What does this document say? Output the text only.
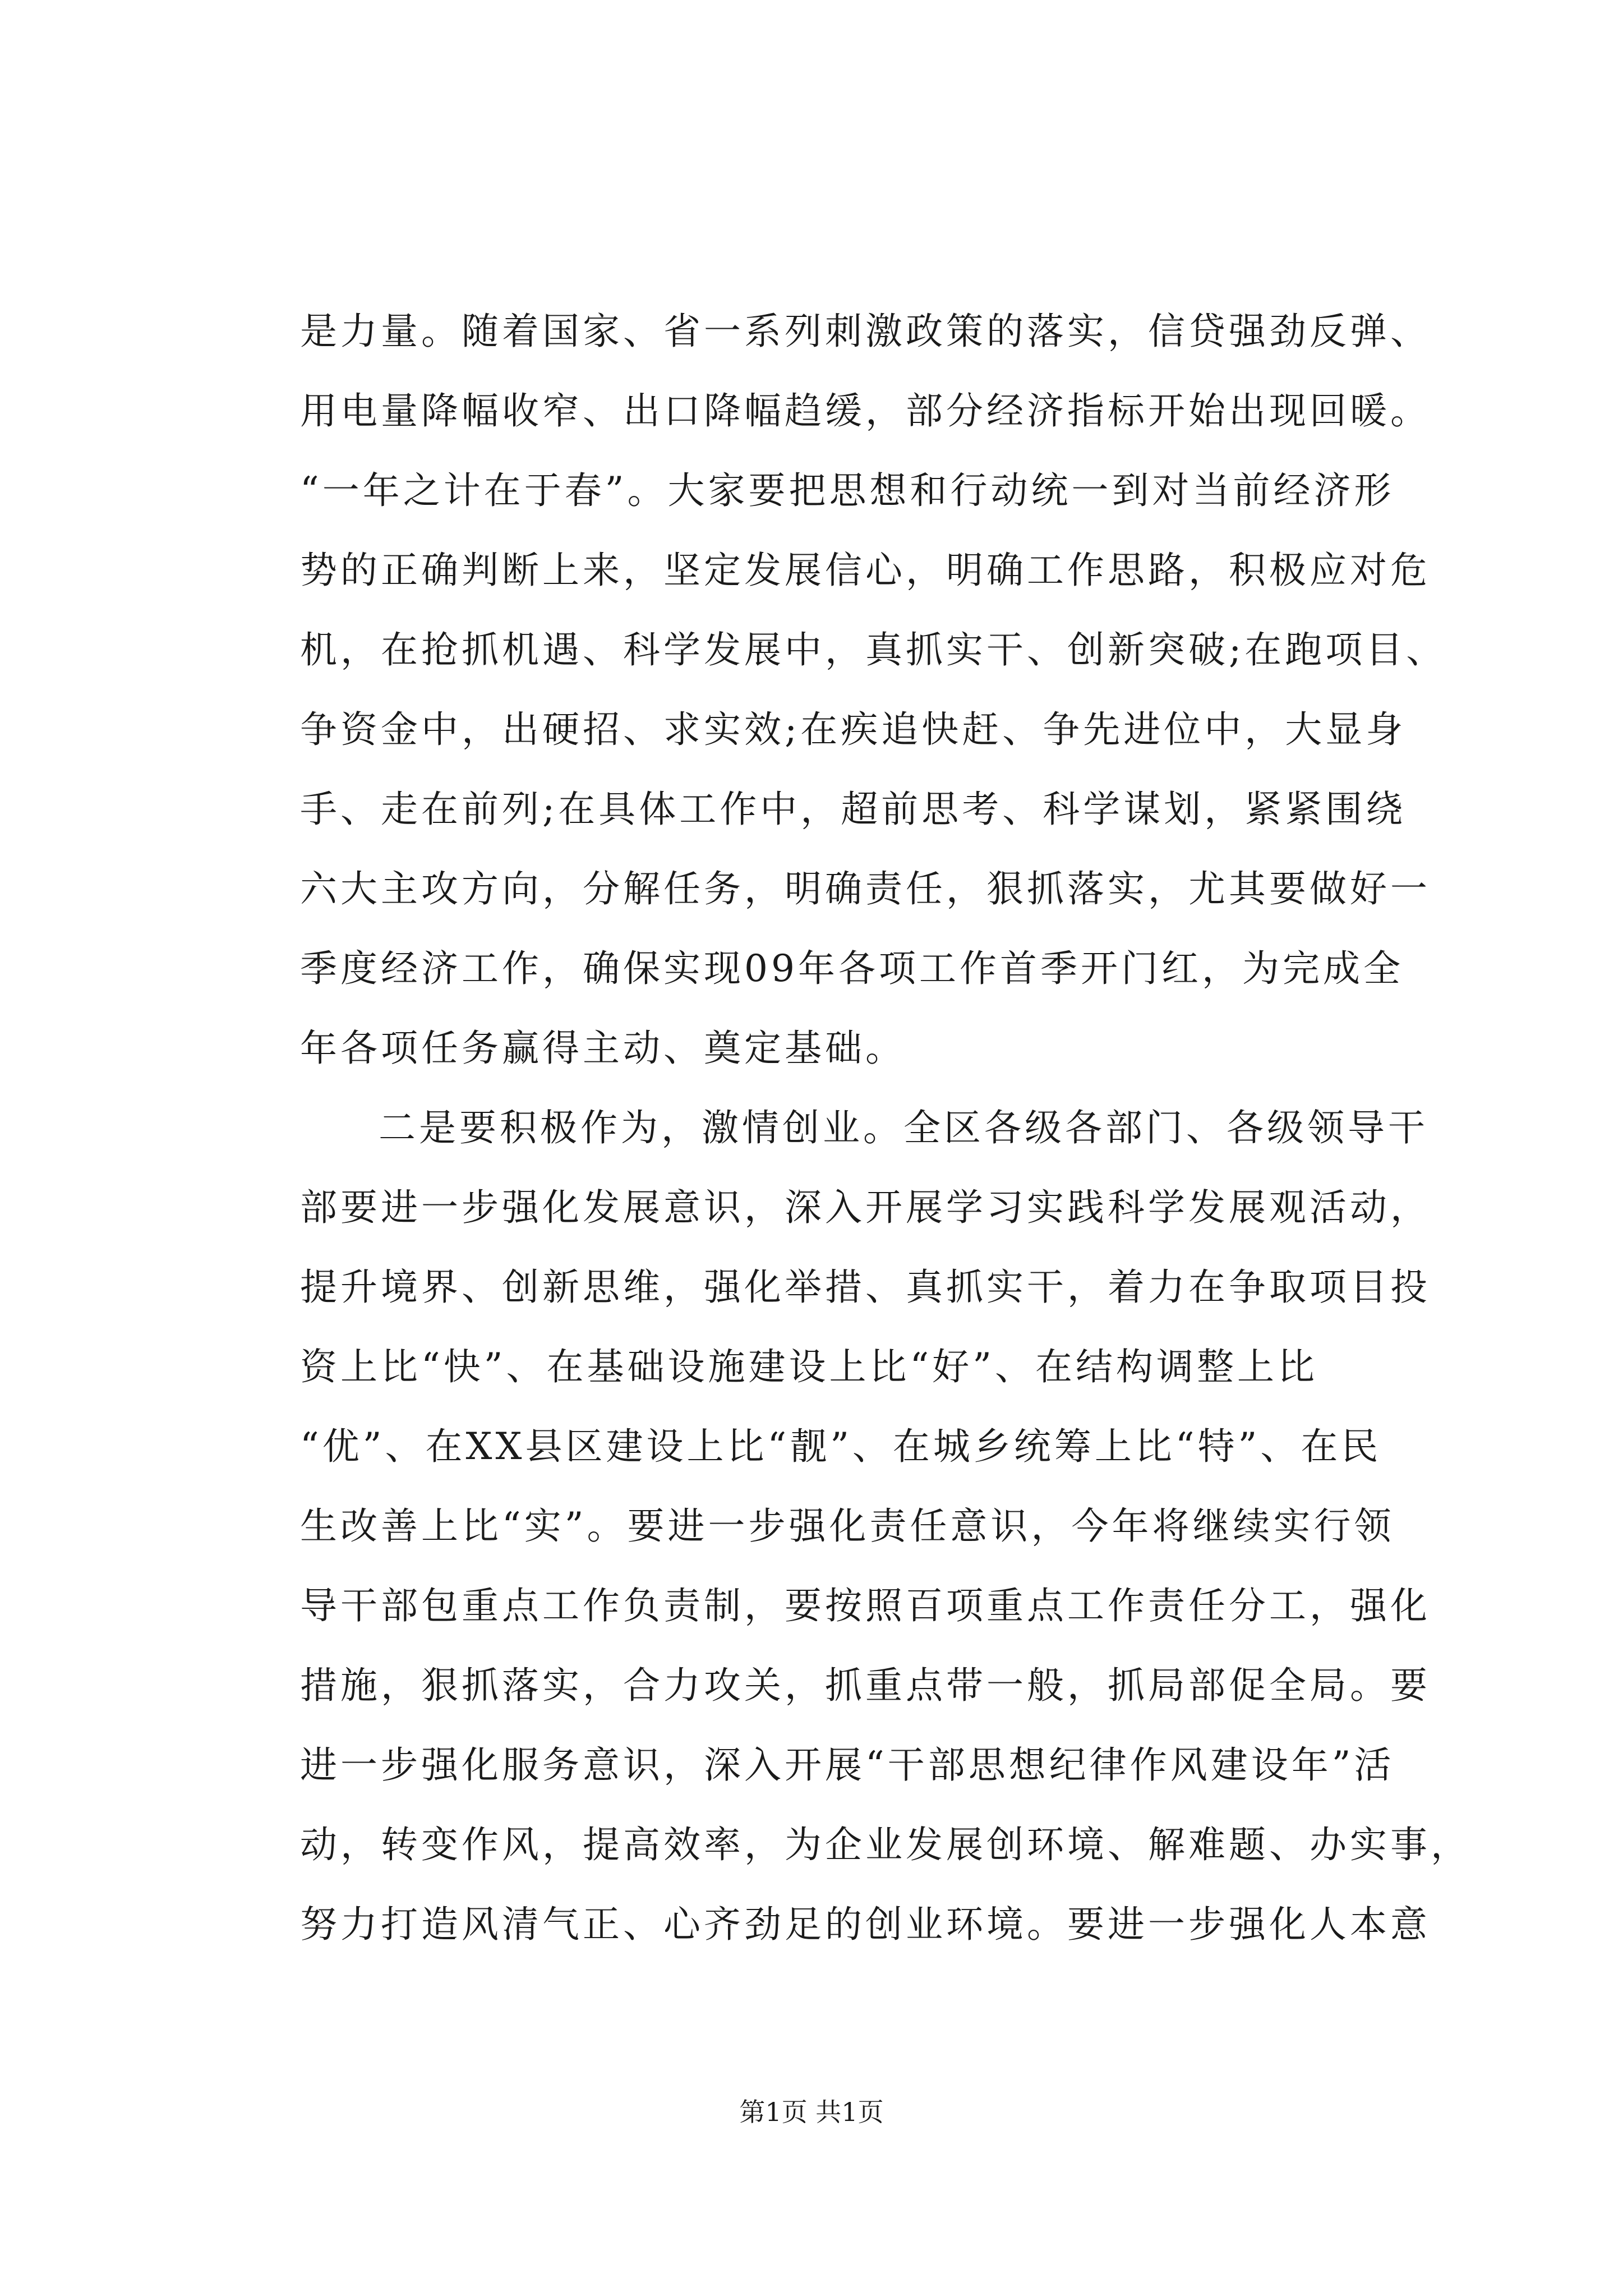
是力量。随着国家、省一系列刺激政策的落实，信贷强劲反弹、
用电量降幅收窄、出口降幅趋缓，部分经济指标开始出现回暖。
“一年之计在于春”。大家要把思想和行动统一到对当前经济形
势的正确判断上来，坚定发展信心，明确工作思路，积极应对危
机，在抢抓机遇、科学发展中，真抓实干、创新突破;在跑项目、
争资金中，出硬招、求实效;在疾追快赶、争先进位中，大显身
手、走在前列;在具体工作中，超前思考、科学谋划，紧紧围绕
六大主攻方向，分解任务，明确责任，狠抓落实，尤其要做好一
季度经济工作，确保实现09年各项工作首季开门红，为完成全
年各项任务赢得主动、奠定基础。
二是要积极作为，激情创业。全区各级各部门、各级领导干
部要进一步强化发展意识，深入开展学习实践科学发展观活动，
提升境界、创新思维，强化举措、真抓实干，着力在争取项目投
资上比“快”、在基础设施建设上比“好”、在结构调整上比
“优”、在XX县区建设上比“靓”、在城乡统筹上比“特”、在民
生改善上比“实”。要进一步强化责任意识，今年将继续实行领
导干部包重点工作负责制，要按照百项重点工作责任分工，强化
措施，狠抓落实，合力攻关，抓重点带一般，抓局部促全局。要
进一步强化服务意识，深入开展“干部思想纪律作风建设年”活
动，转变作风，提高效率，为企业发展创环境、解难题、办实事，
努力打造风清气正、心齐劲足的创业环境。要进一步强化人本意
第1页 共1页
